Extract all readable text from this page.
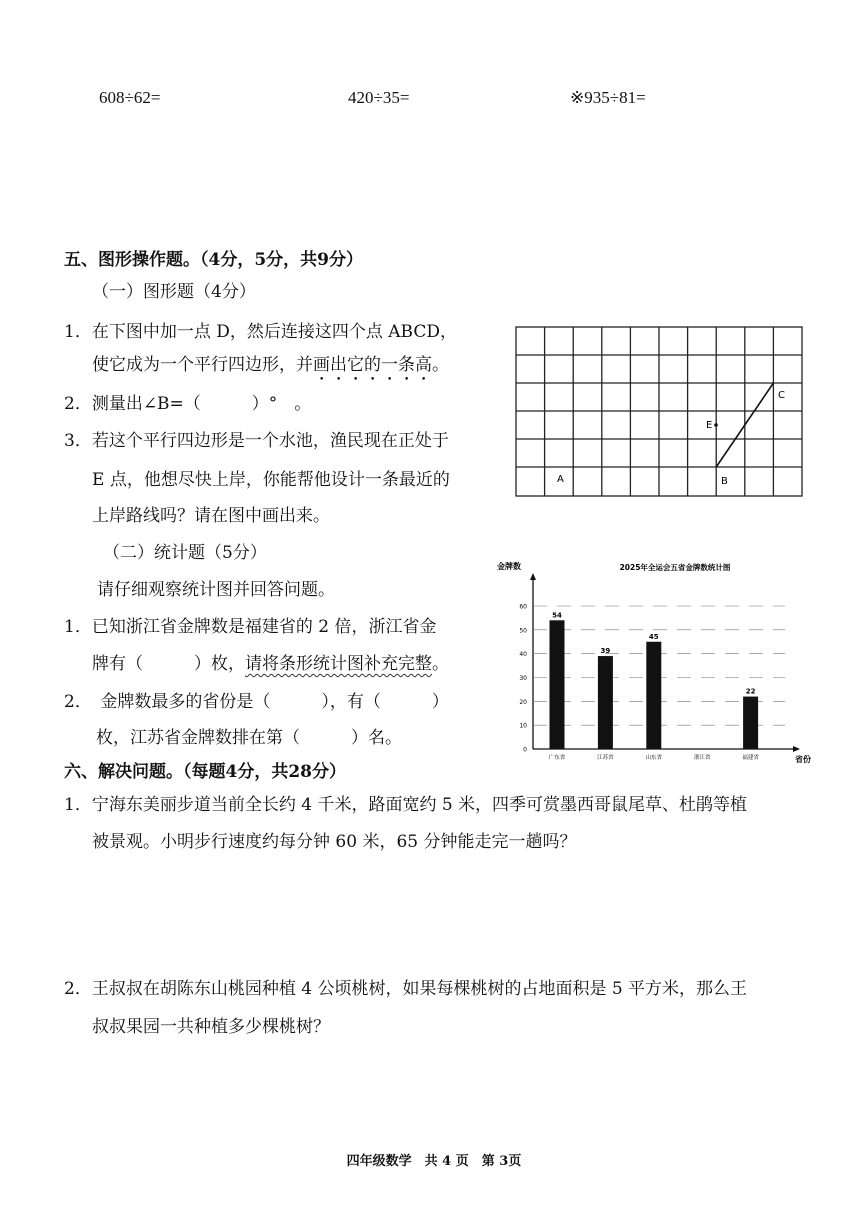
608÷62=	420÷35=	※935÷81=
五、图形操作题。（4分，5分，共9分）
（一）图形题（4分）
1．在下图中加一点 D，然后连接这四个点 ABCD，
使它成为一个平行四边形，并画出它的一条高。
2．测量出∠B=（　　　）°　。
3．若这个平行四边形是一个水池，渔民现在正处于
E 点，他想尽快上岸，你能帮他设计一条最近的
上岸路线吗？请在图中画出来。
A	B
C
E
（二）统计题（5分）
请仔细观察统计图并回答问题。
1．已知浙江省金牌数是福建省的 2 倍，浙江省金
牌有（　　　）枚，请将条形统计图补充完整。
2．　金牌数最多的省份是（　　　），有（　　　）
枚，江苏省金牌数排在第（　　　）名。
2025年全运会五省金牌数统计图
金牌数
省份
0
10
20
30
40
50
60
54
39
45
22
广东省	江苏省	山东省	浙江省	福建省
六、解决问题。（每题4分，共28分）
1．宁海东美丽步道当前全长约 4 千米，路面宽约 5 米，四季可赏墨西哥鼠尾草、杜鹃等植
被景观。小明步行速度约每分钟 60 米，65 分钟能走完一趟吗？
2．王叔叔在胡陈东山桃园种植 4 公顷桃树，如果每棵桃树的占地面积是 5 平方米，那么王
叔叔果园一共种植多少棵桃树？
四年级数学　共 4 页　第 3页
